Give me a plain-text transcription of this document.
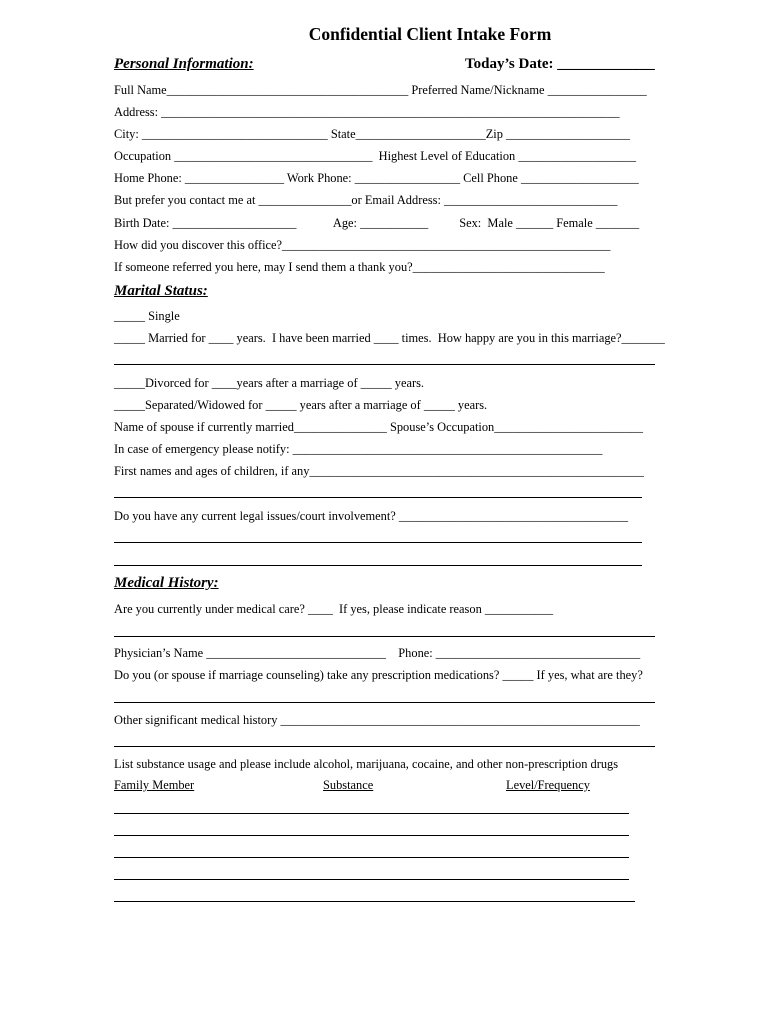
Confidential Client Intake Form
Personal Information:	Today’s Date: _____________
Full Name_______________________________________ Preferred Name/Nickname ________________
Address: __________________________________________________________________________
City: ______________________________ State_____________________Zip ____________________
Occupation ________________________________  Highest Level of Education ___________________
Home Phone: ________________ Work Phone: _________________ Cell Phone ___________________
But prefer you contact me at _______________or Email Address: ____________________________
Birth Date: ____________________            Age: ___________          Sex:  Male ______ Female _______
How did you discover this office?_____________________________________________________
If someone referred you here, may I send them a thank you?_______________________________
Marital Status:
_____ Single
_____ Married for ____ years.  I have been married ____ times.  How happy are you in this marriage?_______
_____Divorced for ____years after a marriage of _____ years.
_____Separated/Widowed for _____ years after a marriage of _____ years.
Name of spouse if currently married_______________ Spouse’s Occupation________________________
In case of emergency please notify: __________________________________________________
First names and ages of children, if any______________________________________________________
Do you have any current legal issues/court involvement? _____________________________________
Medical History:
Are you currently under medical care? ____  If yes, please indicate reason ___________
Physician’s Name _____________________________    Phone: _________________________________
Do you (or spouse if marriage counseling) take any prescription medications? _____ If yes, what are they?
Other significant medical history __________________________________________________________
List substance usage and please include alcohol, marijuana, cocaine, and other non-prescription drugs
Family Member	Substance	Level/Frequency
